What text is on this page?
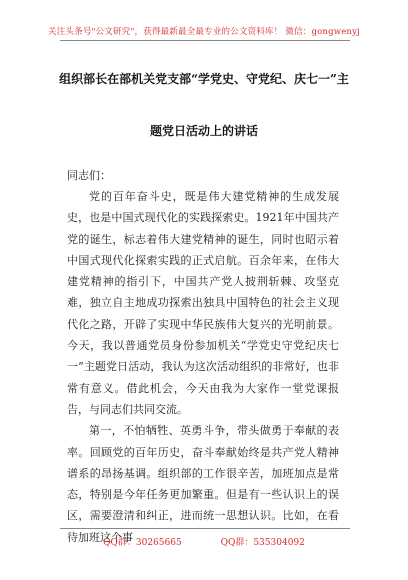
关注头条号"公文研究"，获得最新最全最专业的公文资料库！ 微信：gongwenyj
组织部长在部机关党支部“学党史、守党纪、庆七一”主
题党日活动上的讲话
同志们：

党的百年奋斗史，既是伟大建党精神的生成发展史，也是中国式现代化的实践探索史。1921年中国共产党的诞生，标志着伟大建党精神的诞生，同时也昭示着中国式现代化探索实践的正式启航。百余年来，在伟大建党精神的指引下，中国共产党人披荆斩棘、攻坚克难，独立自主地成功探索出独具中国特色的社会主义现代化之路，开辟了实现中华民族伟大复兴的光明前景。今天，我以普通党员身份参加机关“学党史守党纪庆七一”主题党日活动，我认为这次活动组织的非常好，也非常有意义。借此机会，今天由我为大家作一堂党课报告，与同志们共同交流。

第一，不怕牺牲、英勇斗争，带头做勇于奉献的表率。回顾党的百年历史，奋斗奉献始终是共产党人精神谱系的昂扬基调。组织部的工作很辛苦，加班加点是常态，特别是今年任务更加繁重。但是有一些认识上的误区，需要澄清和纠正，进而统一思想认识。比如，在看待加班这个事

QQ群：30265665	QQ群：535304092
